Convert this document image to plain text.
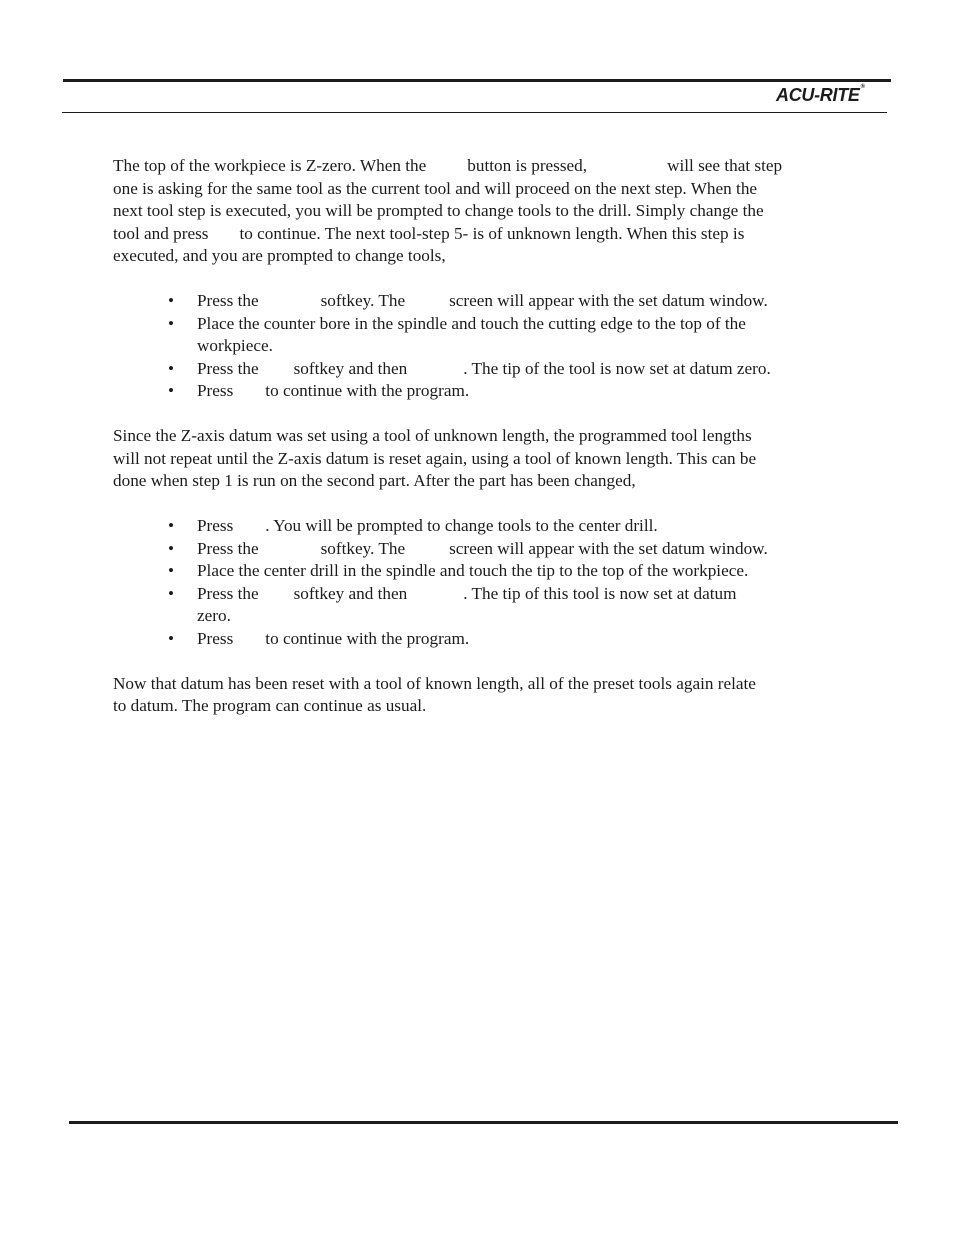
ACU-RITE®

The top of the workpiece is Z-zero. When the button is pressed,	will see that step
one is asking for the same tool as the current tool and will proceed on the next step. When the
next tool step is executed, you will be prompted to change tools to the drill. Simply change the
tool and press to continue. The next tool-step 5- is of unknown length. When this step is
executed, and you are prompted to change tools,

• Press the	softkey. The	screen will appear with the set datum window.
• Place the counter bore in the spindle and touch the cutting edge to the top of the
workpiece.
• Press the softkey and then	. The tip of the tool is now set at datum zero.
• Press to continue with the program.

Since the Z-axis datum was set using a tool of unknown length, the programmed tool lengths
will not repeat until the Z-axis datum is reset again, using a tool of known length. This can be
done when step 1 is run on the second part. After the part has been changed,

• Press . You will be prompted to change tools to the center drill.
• Press the	softkey. The	screen will appear with the set datum window.
• Place the center drill in the spindle and touch the tip to the top of the workpiece.
• Press the softkey and then	. The tip of this tool is now set at datum
zero.
• Press to continue with the program.

Now that datum has been reset with a tool of known length, all of the preset tools again relate
to datum. The program can continue as usual.
